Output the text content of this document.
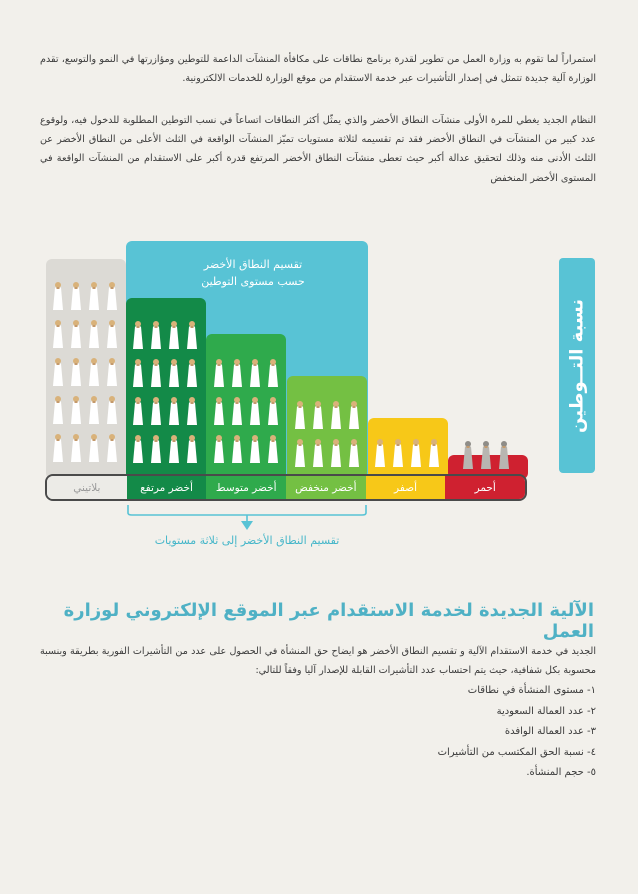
استمراراً لما تقوم به وزارة العمل من تطوير لقدرة برنامج نطاقات على مكافأة المنشآت الداعمة للتوطين ومؤازرتها في النمو والتوسع، تقدم الوزارة آلية جديدة تتمثل في إصدار التأشيرات عبر خدمة الاستقدام من موقع الوزارة للخدمات الالكترونية.

النظام الجديد يغطي للمرة الأولى منشآت النطاق الأخضر والذي يمثّل أكثر النطاقات اتساعاً في نسب التوطين المطلوبة للدخول فيه، ولوقوع عدد كبير من المنشآت في النطاق الأخضر فقد تم تقسيمه لثلاثة مستويات تميّز المنشآت الواقعة في الثلث الأعلى من النطاق الأخضر عن الثلث الأدنى منه وذلك لتحقيق عدالة أكبر حيث تعطى منشآت النطاق الأخضر المرتفع قدرة أكبر على الاستقدام من المنشآت الواقعة في المستوى الأخضر المنخفض

تقسيم النطاق الأخضر
حسب مستوى التوطين
بلاتيني	أخضر مرتفع	أخضر متوسط	أخضر منخفض	أصفر	أحمر
تقسيم النطاق الأخضر إلى ثلاثة مستويات
نسبة التــوطين
الآلية الجديدة لخدمة الاستقدام عبر الموقع الإلكتروني لوزارة العمل

الجديد في خدمة الاستقدام الآلية و تقسيم النطاق الأخضر هو ايضاح حق المنشأة في الحصول على عدد من التأشيرات الفورية بطريقة وبنسبة محسوبة بكل شفافية، حيث يتم احتساب عدد التأشيرات القابلة للإصدار آليا وفقاً للتالي:

١- مستوى المنشأة في نطاقات
٢- عدد العمالة السعودية
٣- عدد العمالة الوافدة
٤- نسبة الحق المكتسب من التأشيرات
٥- حجم المنشأة.
